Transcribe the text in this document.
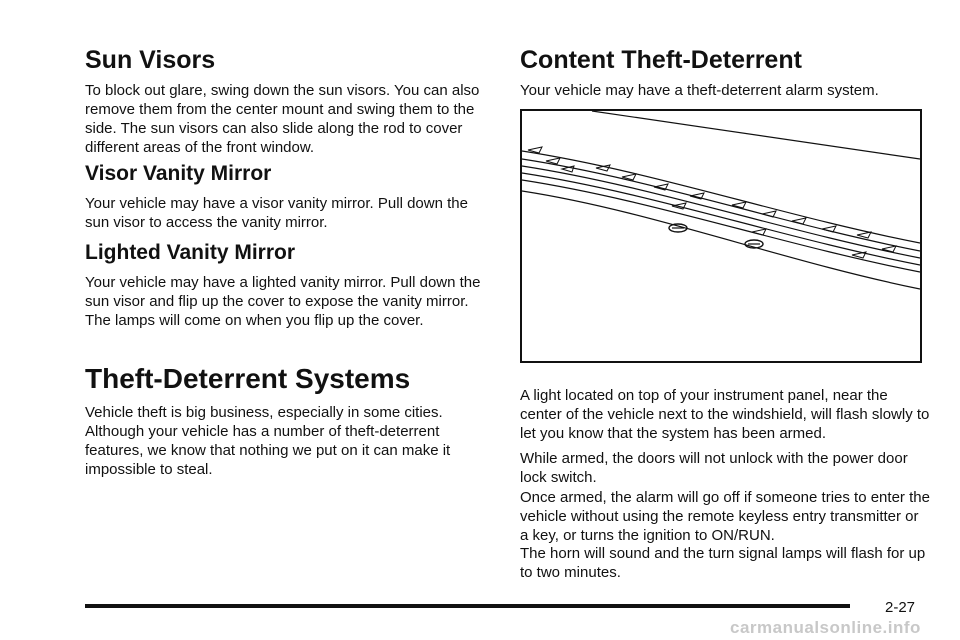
Sun Visors

To block out glare, swing down the sun visors. You can also remove them from the center mount and swing them to the side. The sun visors can also slide along the rod to cover different areas of the front window.

Visor Vanity Mirror

Your vehicle may have a visor vanity mirror. Pull down the sun visor to access the vanity mirror.

Lighted Vanity Mirror

Your vehicle may have a lighted vanity mirror. Pull down the sun visor and flip up the cover to expose the vanity mirror. The lamps will come on when you flip up the cover.

Theft-Deterrent Systems

Vehicle theft is big business, especially in some cities. Although your vehicle has a number of theft-deterrent features, we know that nothing we put on it can make it impossible to steal.

Content Theft-Deterrent

Your vehicle may have a theft-deterrent alarm system.

A light located on top of your instrument panel, near the center of the vehicle next to the windshield, will flash slowly to let you know that the system has been armed.

While armed, the doors will not unlock with the power door lock switch.

Once armed, the alarm will go off if someone tries to enter the vehicle without using the remote keyless entry transmitter or a key, or turns the ignition to ON/RUN.

The horn will sound and the turn signal lamps will flash for up to two minutes.

2-27
carmanualsonline.info
